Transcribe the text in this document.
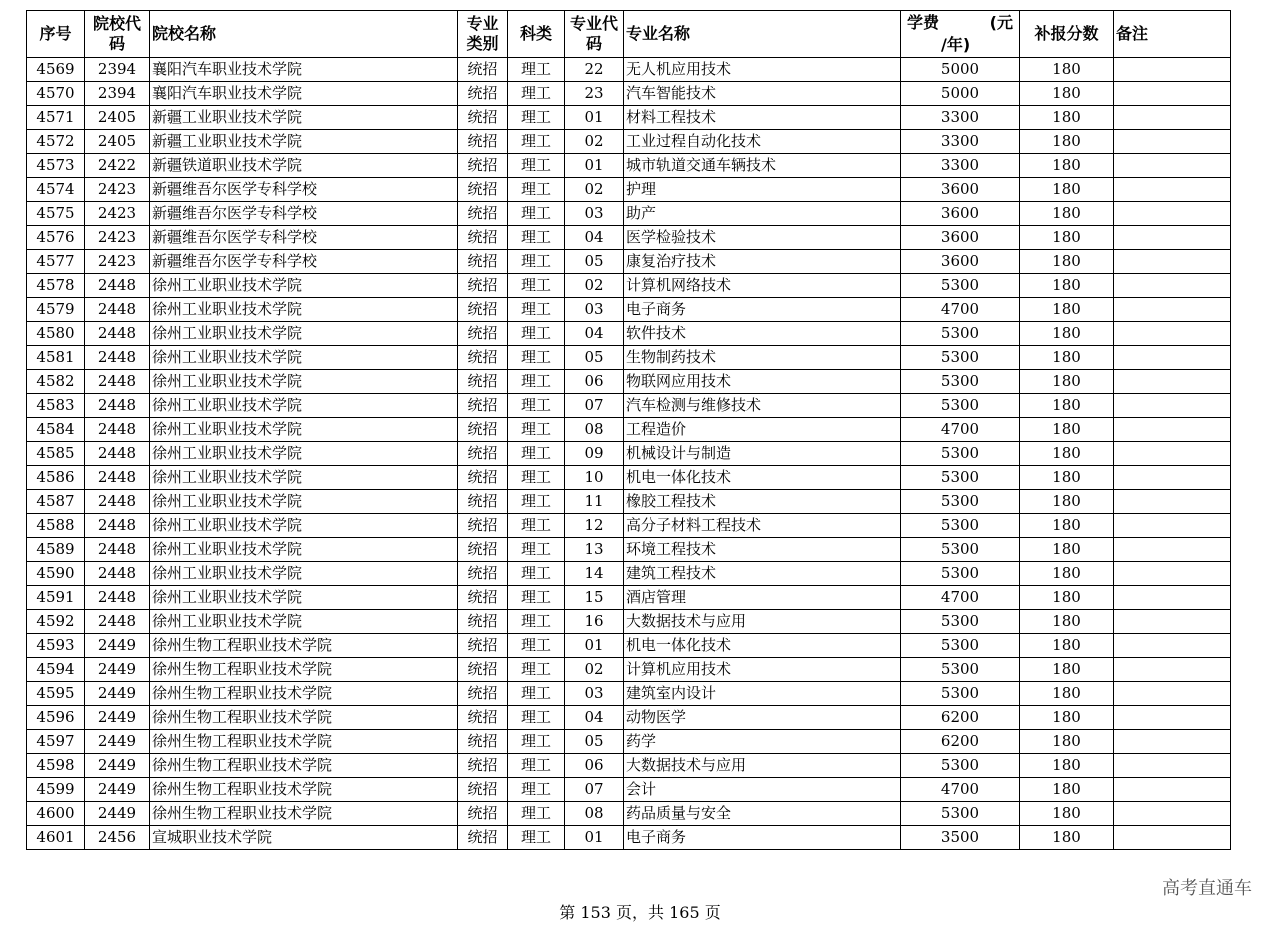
序号	院校代码	院校名称	专业类别	科类	专业代码	专业名称	学费 (元
/年)	补报分数	备注
4569	2394	襄阳汽车职业技术学院	统招	理工	22	无人机应用技术	5000	180	
4570	2394	襄阳汽车职业技术学院	统招	理工	23	汽车智能技术	5000	180	
4571	2405	新疆工业职业技术学院	统招	理工	01	材料工程技术	3300	180	
4572	2405	新疆工业职业技术学院	统招	理工	02	工业过程自动化技术	3300	180	
4573	2422	新疆铁道职业技术学院	统招	理工	01	城市轨道交通车辆技术	3300	180	
4574	2423	新疆维吾尔医学专科学校	统招	理工	02	护理	3600	180	
4575	2423	新疆维吾尔医学专科学校	统招	理工	03	助产	3600	180	
4576	2423	新疆维吾尔医学专科学校	统招	理工	04	医学检验技术	3600	180	
4577	2423	新疆维吾尔医学专科学校	统招	理工	05	康复治疗技术	3600	180	
4578	2448	徐州工业职业技术学院	统招	理工	02	计算机网络技术	5300	180	
4579	2448	徐州工业职业技术学院	统招	理工	03	电子商务	4700	180	
4580	2448	徐州工业职业技术学院	统招	理工	04	软件技术	5300	180	
4581	2448	徐州工业职业技术学院	统招	理工	05	生物制药技术	5300	180	
4582	2448	徐州工业职业技术学院	统招	理工	06	物联网应用技术	5300	180	
4583	2448	徐州工业职业技术学院	统招	理工	07	汽车检测与维修技术	5300	180	
4584	2448	徐州工业职业技术学院	统招	理工	08	工程造价	4700	180	
4585	2448	徐州工业职业技术学院	统招	理工	09	机械设计与制造	5300	180	
4586	2448	徐州工业职业技术学院	统招	理工	10	机电一体化技术	5300	180	
4587	2448	徐州工业职业技术学院	统招	理工	11	橡胶工程技术	5300	180	
4588	2448	徐州工业职业技术学院	统招	理工	12	高分子材料工程技术	5300	180	
4589	2448	徐州工业职业技术学院	统招	理工	13	环境工程技术	5300	180	
4590	2448	徐州工业职业技术学院	统招	理工	14	建筑工程技术	5300	180	
4591	2448	徐州工业职业技术学院	统招	理工	15	酒店管理	4700	180	
4592	2448	徐州工业职业技术学院	统招	理工	16	大数据技术与应用	5300	180	
4593	2449	徐州生物工程职业技术学院	统招	理工	01	机电一体化技术	5300	180	
4594	2449	徐州生物工程职业技术学院	统招	理工	02	计算机应用技术	5300	180	
4595	2449	徐州生物工程职业技术学院	统招	理工	03	建筑室内设计	5300	180	
4596	2449	徐州生物工程职业技术学院	统招	理工	04	动物医学	6200	180	
4597	2449	徐州生物工程职业技术学院	统招	理工	05	药学	6200	180	
4598	2449	徐州生物工程职业技术学院	统招	理工	06	大数据技术与应用	5300	180	
4599	2449	徐州生物工程职业技术学院	统招	理工	07	会计	4700	180	
4600	2449	徐州生物工程职业技术学院	统招	理工	08	药品质量与安全	5300	180	
4601	2456	宣城职业技术学院	统招	理工	01	电子商务	3500	180	
高考直通车
第 153 页，共 165 页
